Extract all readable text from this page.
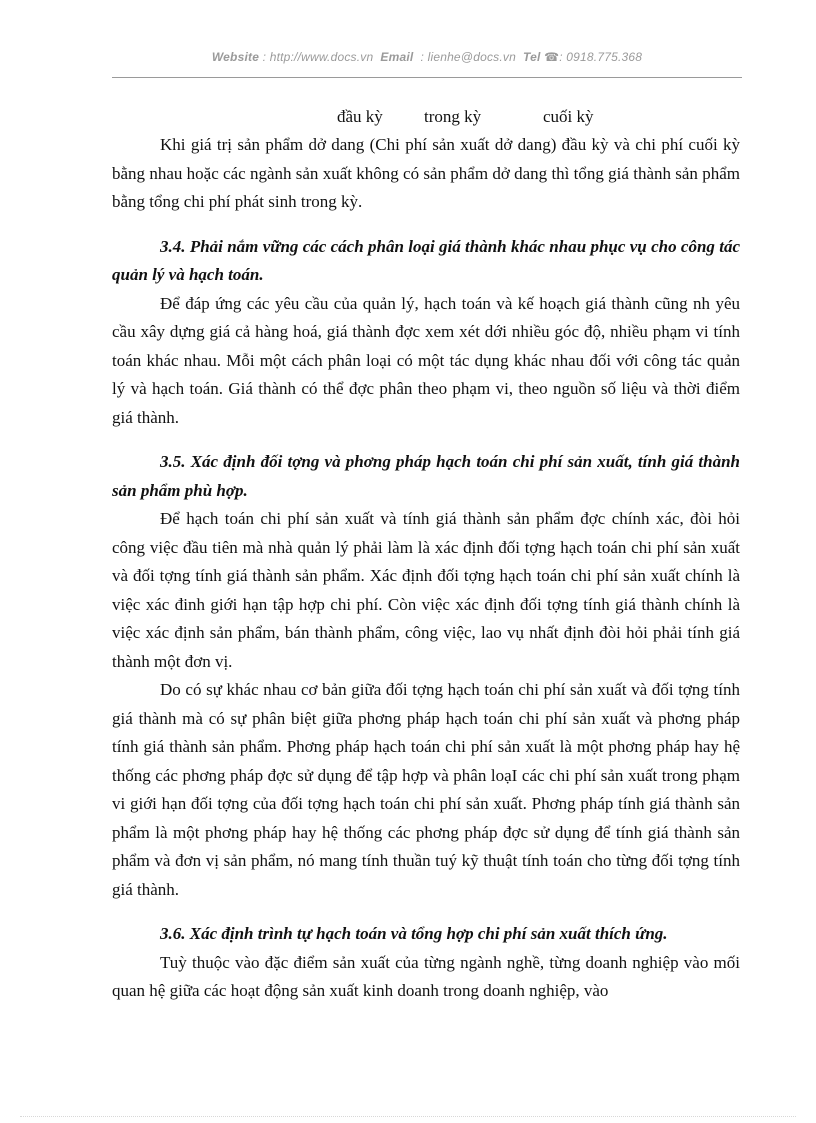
Website : http://www.docs.vn Email : lienhe@docs.vn Tel ☎: 0918.775.368
đầu kỳ trong kỳ	cuối kỳ

Khi giá trị sản phẩm dở dang (Chi phí sản xuất dở dang) đầu kỳ và chi phí cuối kỳ bằng nhau hoặc các ngành sản xuất không có sản phẩm dở dang thì tổng giá thành sản phẩm bằng tổng chi phí phát sinh trong kỳ.

3.4. Phải nắm vững các cách phân loại giá thành khác nhau phục vụ cho công tác quản lý và hạch toán.

Để đáp ứng các yêu cầu của quản lý, hạch toán và kế hoạch giá thành cũng nh yêu cầu xây dựng giá cả hàng hoá, giá thành đợc xem xét dới nhiều góc độ, nhiều phạm vi tính toán khác nhau. Mỗi một cách phân loại có một tác dụng khác nhau đối với công tác quản lý và hạch toán. Giá thành có thể đợc phân theo phạm vi, theo nguồn số liệu và thời điểm giá thành.

3.5. Xác định đối tợng và phơng pháp hạch toán chi phí sản xuất, tính giá thành sản phẩm phù hợp.

Để hạch toán chi phí sản xuất và tính giá thành sản phẩm đợc chính xác, đòi hỏi công việc đầu tiên mà nhà quản lý phải làm là xác định đối tợng hạch toán chi phí sản xuất và đối tợng tính giá thành sản phẩm. Xác định đối tợng hạch toán chi phí sản xuất chính là việc xác đinh giới hạn tập hợp chi phí. Còn việc xác định đối tợng tính giá thành chính là việc xác định sản phẩm, bán thành phẩm, công việc, lao vụ nhất định đòi hỏi phải tính giá thành một đơn vị.

Do có sự khác nhau cơ bản giữa đối tợng hạch toán chi phí sản xuất và đối tợng tính giá thành mà có sự phân biệt giữa phơng pháp hạch toán chi phí sản xuất và phơng pháp tính giá thành sản phẩm. Phơng pháp hạch toán chi phí sản xuất là một phơng pháp hay hệ thống các phơng pháp đợc sử dụng để tập hợp và phân loạI các chi phí sản xuất trong phạm vi giới hạn đối tợng của đối tợng hạch toán chi phí sản xuất. Phơng pháp tính giá thành sản phẩm là một phơng pháp hay hệ thống các phơng pháp đợc sử dụng để tính giá thành sản phẩm và đơn vị sản phẩm, nó mang tính thuần tuý kỹ thuật tính toán cho từng đối tợng tính giá thành.

3.6. Xác định trình tự hạch toán và tổng hợp chi phí sản xuất thích ứng.

Tuỳ thuộc vào đặc điểm sản xuất của từng ngành nghề, từng doanh nghiệp vào mối quan hệ giữa các hoạt động sản xuất kinh doanh trong doanh nghiệp, vào
